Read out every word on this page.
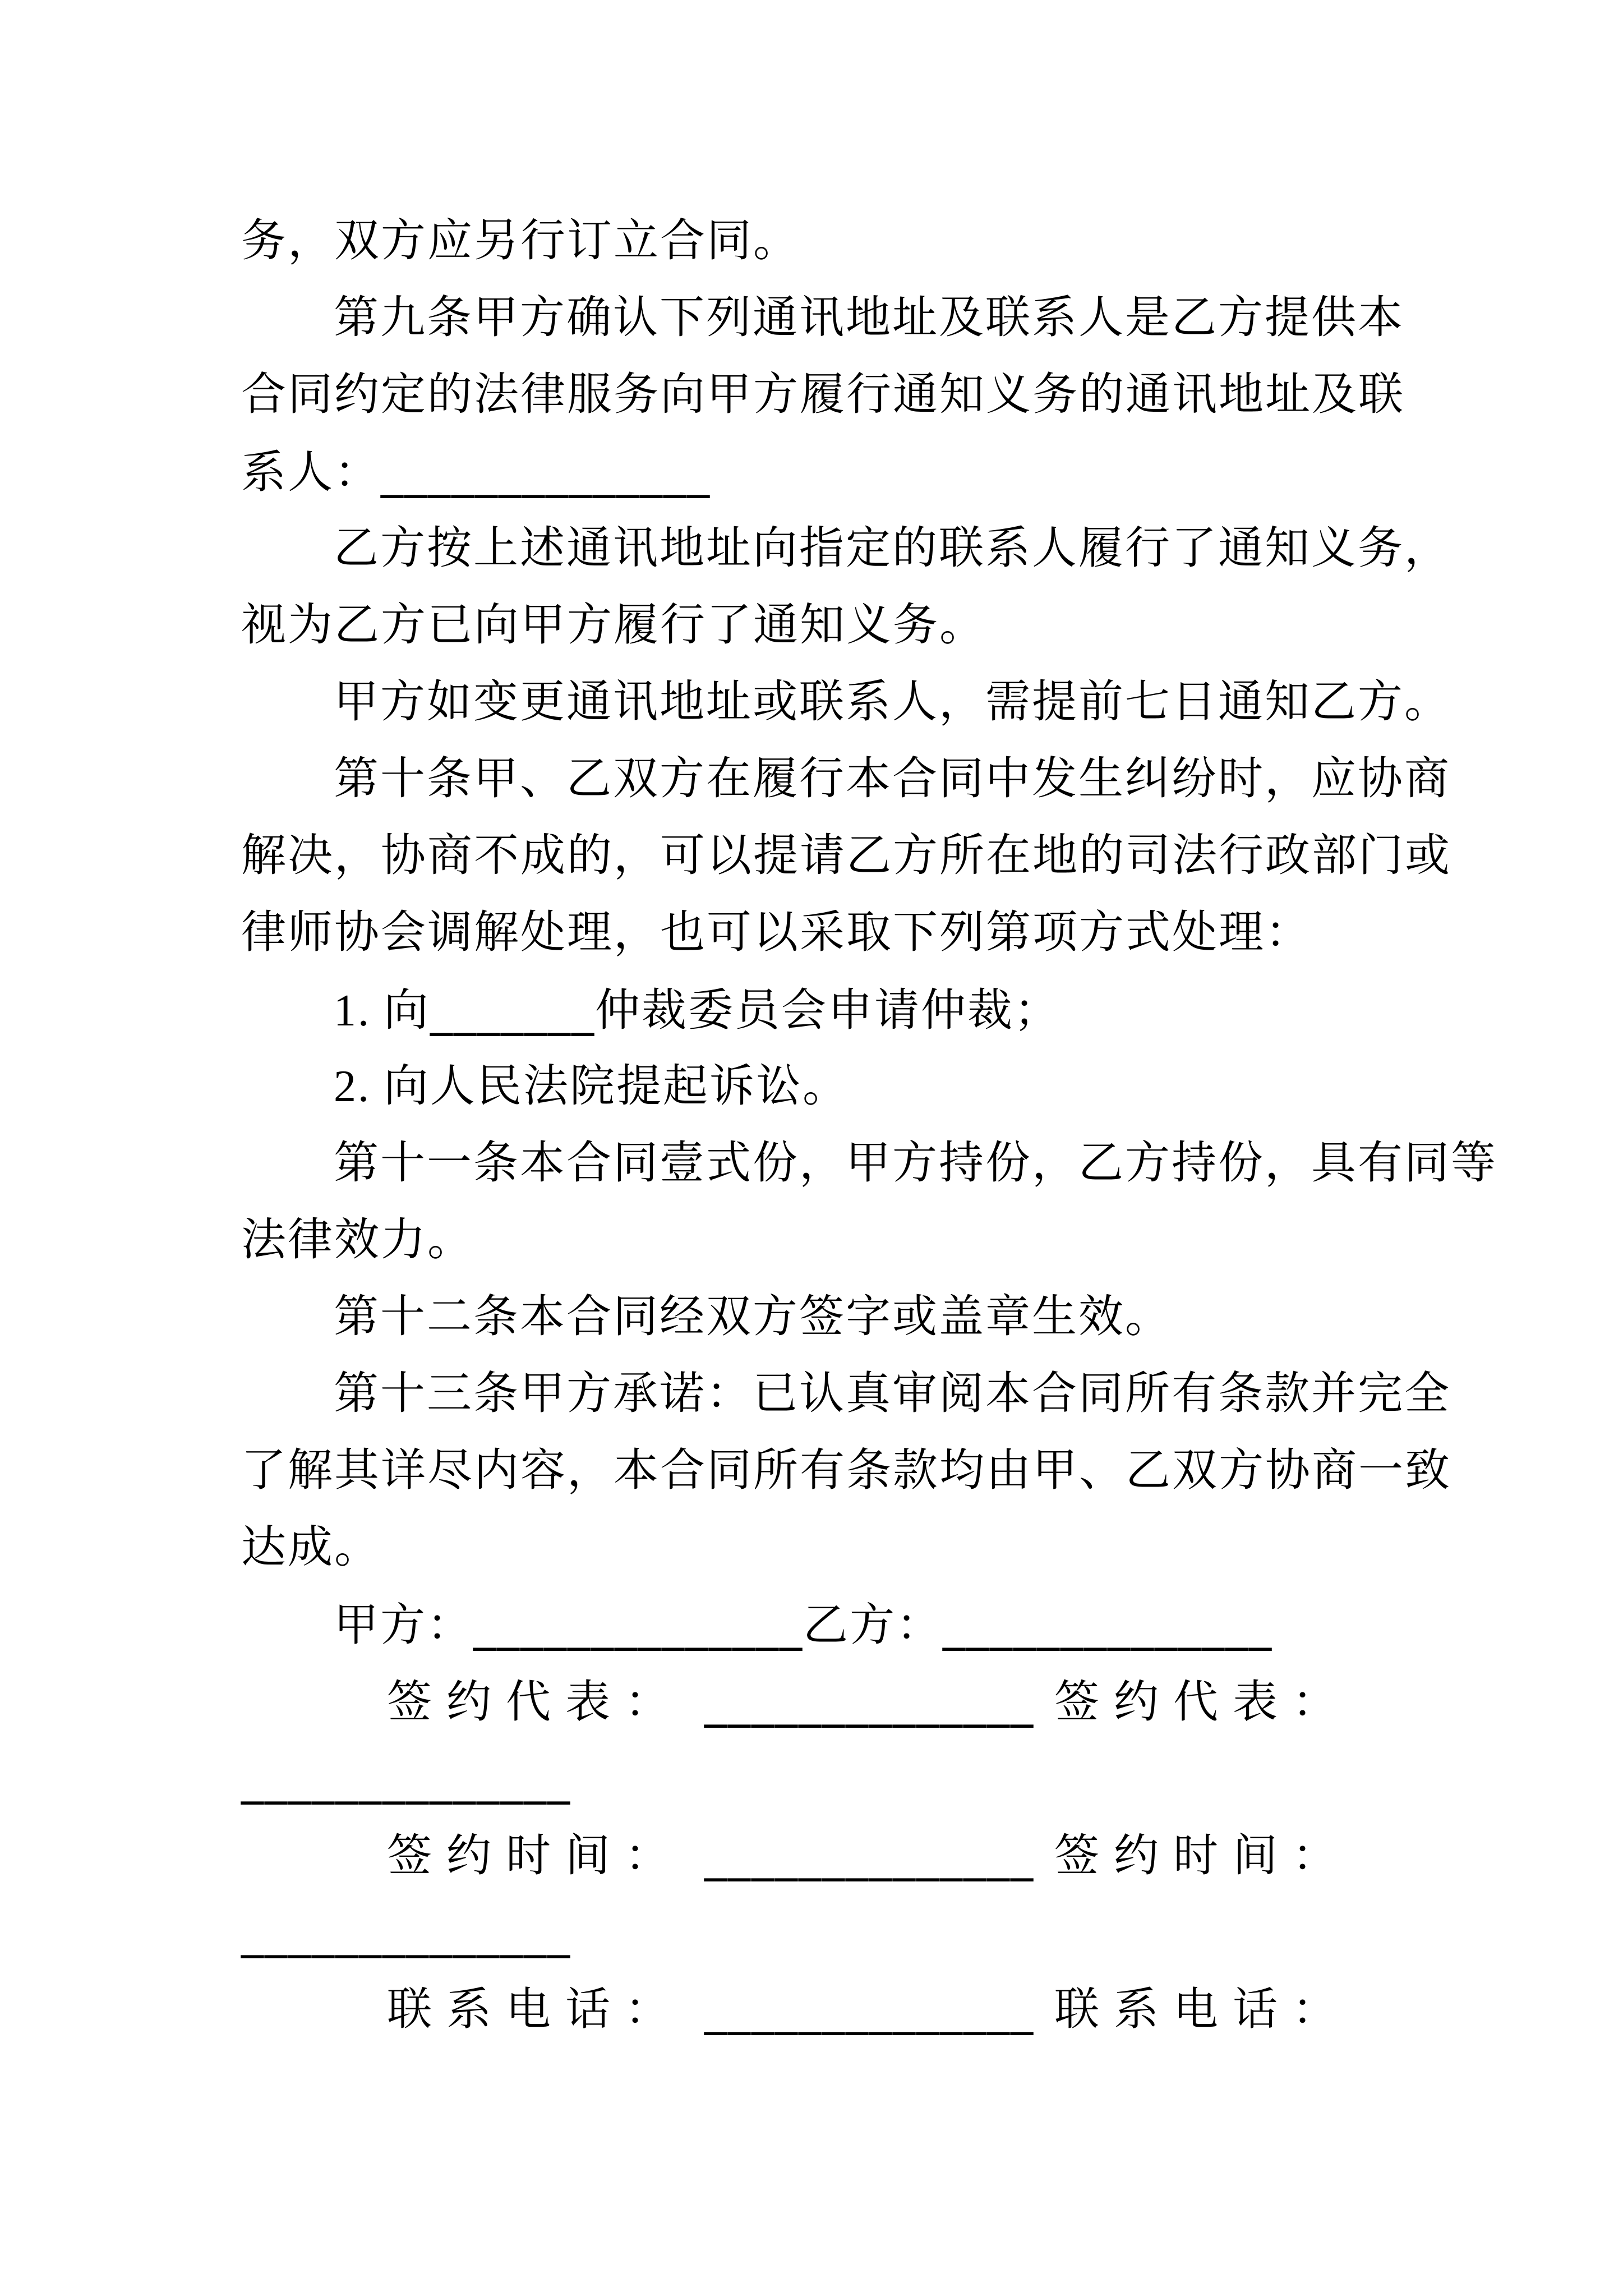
务，双方应另行订立合同。
第九条甲方确认下列通讯地址及联系人是乙方提供本
合同约定的法律服务向甲方履行通知义务的通讯地址及联
系人：______________
乙方按上述通讯地址向指定的联系人履行了通知义务，
视为乙方已向甲方履行了通知义务。
甲方如变更通讯地址或联系人，需提前七日通知乙方。
第十条甲、乙双方在履行本合同中发生纠纷时，应协商
解决，协商不成的，可以提请乙方所在地的司法行政部门或
律师协会调解处理，也可以采取下列第项方式处理：
1. 向_______仲裁委员会申请仲裁；
2. 向人民法院提起诉讼。
第十一条本合同壹式份，甲方持份，乙方持份，具有同等
法律效力。
第十二条本合同经双方签字或盖章生效。
第十三条甲方承诺：已认真审阅本合同所有条款并完全
了解其详尽内容，本合同所有条款均由甲、乙双方协商一致
达成。
甲方：______________乙方：______________
签约代表： ______________ 签约代表：
______________
签约时间： ______________ 签约时间：
______________
联系电话： ______________ 联系电话：
